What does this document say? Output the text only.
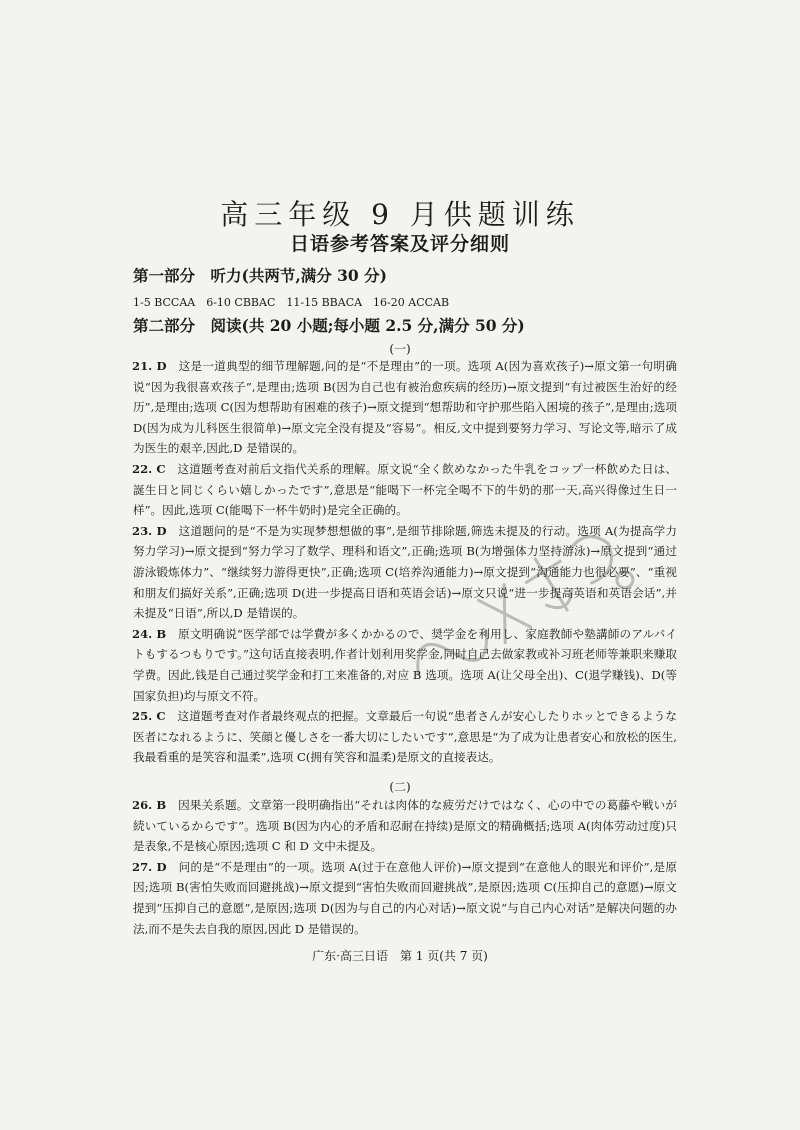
高三年级 9 月供题训练
日语参考答案及评分细则
第一部分　听力(共两节,满分 30 分)
1-5 BCCAA　6-10 CBBAC　11-15 BBACA　16-20 ACCAB
第二部分　阅读(共 20 小题;每小题 2.5 分,满分 50 分)
(一)

21. D　 这是一道典型的细节理解题,问的是“不是理由”的一项。选项 A(因为喜欢孩子)→原文第一句明确说“因为我很喜欢孩子”,是理由;选项 B(因为自己也有被治愈疾病的经历)→原文提到“有过被医生治好的经历”,是理由;选项 C(因为想帮助有困难的孩子)→原文提到“想帮助和守护那些陷入困境的孩子”,是理由;选项 D(因为成为儿科医生很简单)→原文完全没有提及“容易”。相反,文中提到要努力学习、写论文等,暗示了成为医生的艰辛,因此,D 是错误的。

22. C　 这道题考查对前后文指代关系的理解。原文说“全く飲めなかった牛乳をコップ一杯飲めた日は、誕生日と同じくらい嬉しかったです”,意思是“能喝下一杯完全喝不下的牛奶的那一天,高兴得像过生日一样”。因此,选项 C(能喝下一杯牛奶时)是完全正确的。

23. D　 这道题问的是“不是为实现梦想想做的事”,是细节排除题,筛选未提及的行动。选项 A(为提高学力努力学习)→原文提到“努力学习了数学、理科和语文”,正确;选项 B(为增强体力坚持游泳)→原文提到“通过游泳锻炼体力”、“继续努力游得更快”,正确;选项 C(培养沟通能力)→原文提到“沟通能力也很必要”、“重视和朋友们搞好关系”,正确;选项 D(进一步提高日语和英语会话)→原文只说“进一步提高英语和英语会话”,并未提及“日语”,所以,D 是错误的。

24. B　 原文明确说“医学部では学費が多くかかるので、奨学金を利用し、家庭教師や塾講師のアルバイトもするつもりです。”这句话直接表明,作者计划利用奖学金,同时自己去做家教或补习班老师等兼职来赚取学费。因此,钱是自己通过奖学金和打工来准备的,对应 B 选项。选项 A(让父母全出)、C(退学赚钱)、D(等国家负担)均与原文不符。

25. C　 这道题考查对作者最终观点的把握。文章最后一句说“患者さんが安心したりホッとできるような医者になれるように、笑顔と優しさを一番大切にしたいです”,意思是“为了成为让患者安心和放松的医生,我最看重的是笑容和温柔”,选项 C(拥有笑容和温柔)是原文的直接表达。

(二)

26. B　 因果关系题。文章第一段明确指出“それは肉体的な疲労だけではなく、心の中での葛藤や戦いが続いているからです”。选项 B(因为内心的矛盾和忍耐在持续)是原文的精确概括;选项 A(肉体劳动过度)只是表象,不是核心原因;选项 C 和 D 文中未提及。

27. D　 问的是“不是理由”的一项。选项 A(过于在意他人评价)→原文提到“在意他人的眼光和评价”,是原因;选项 B(害怕失败而回避挑战)→原文提到“害怕失败而回避挑战”,是原因;选项 C(压抑自己的意愿)→原文提到“压抑自己的意愿”,是原因;选项 D(因为与自己的内心对话)→原文说“与自己内心对话”是解决问题的办法,而不是失去自我的原因,因此 D 是错误的。

广东·高三日语　第 1 页(共 7 页)
